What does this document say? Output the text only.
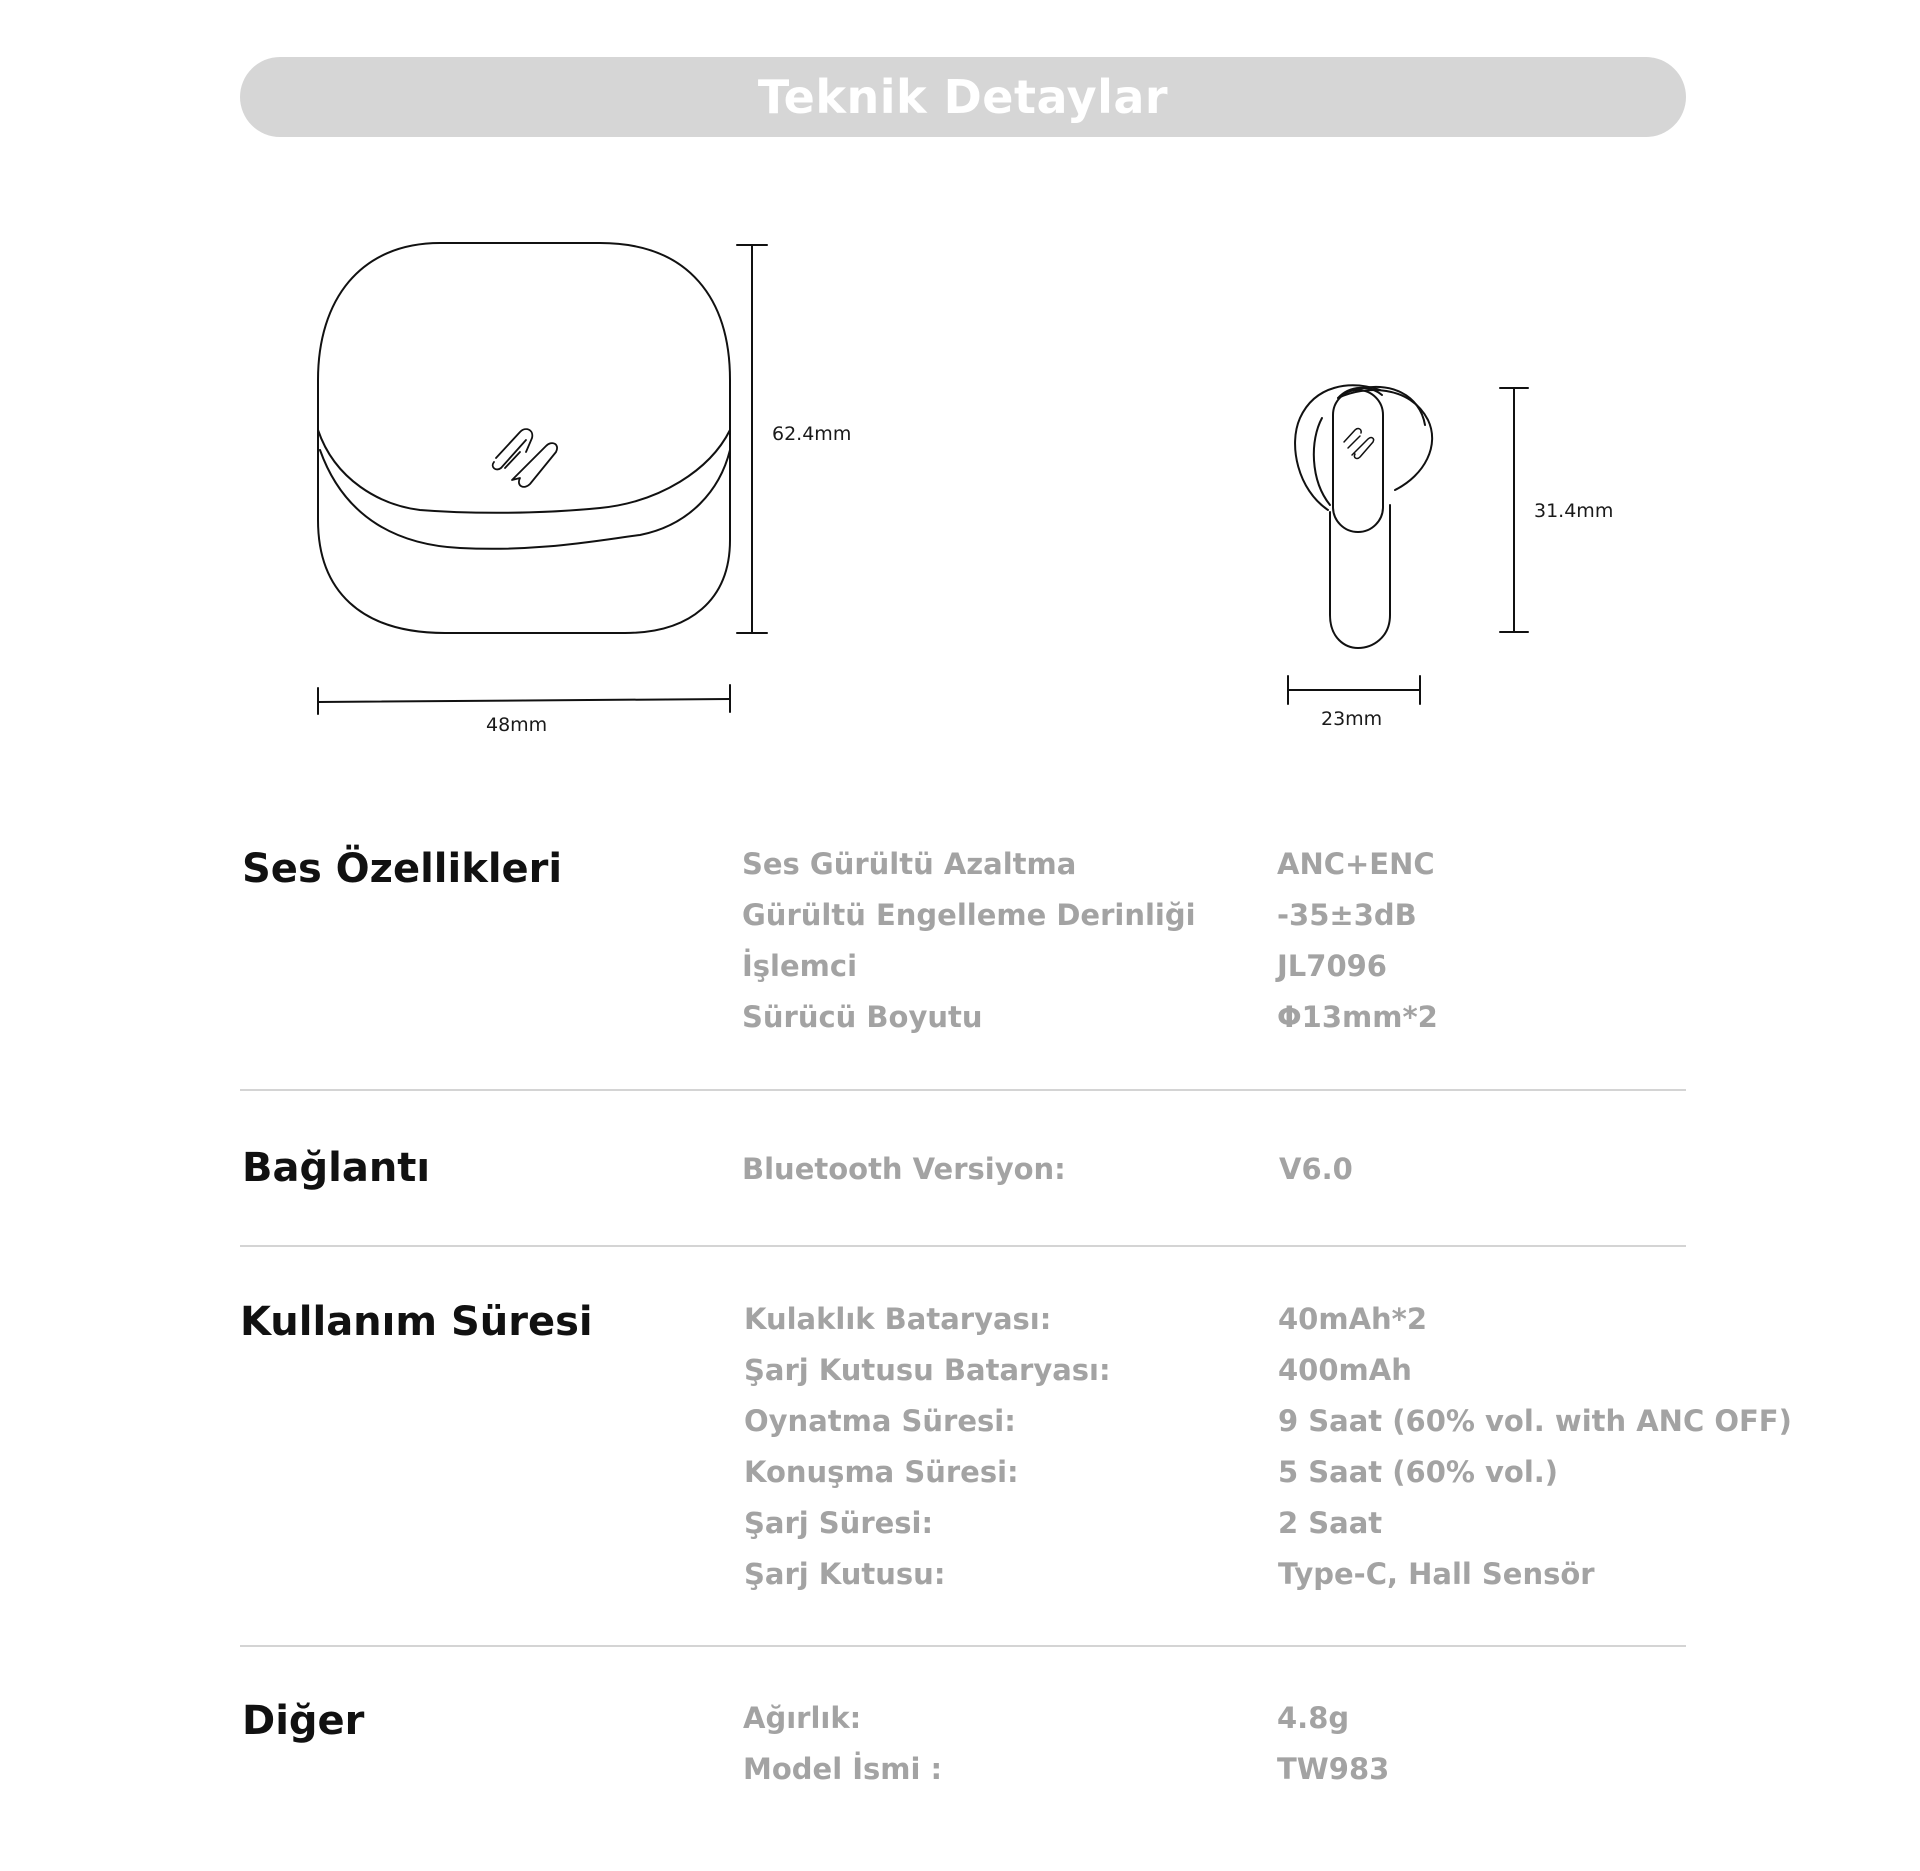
Teknik Detaylar
62.4mm
48mm
31.4mm
23mm
Ses Özellikleri	Ses Gürültü Azaltma	ANC+ENC
Gürültü Engelleme Derinliği	-35±3dB
İşlemci	JL7096
Sürücü Boyutu	Φ13mm*2
Bağlantı	Bluetooth Versiyon:	V6.0
Kullanım Süresi	Kulaklık Bataryası:	40mAh*2
Şarj Kutusu Bataryası:	400mAh
Oynatma Süresi:	9 Saat (60% vol. with ANC OFF)
Konuşma Süresi:	5 Saat (60% vol.)
Şarj Süresi:	2 Saat
Şarj Kutusu:	Type-C, Hall Sensör
Diğer	Ağırlık:	4.8g
Model İsmi :	TW983
